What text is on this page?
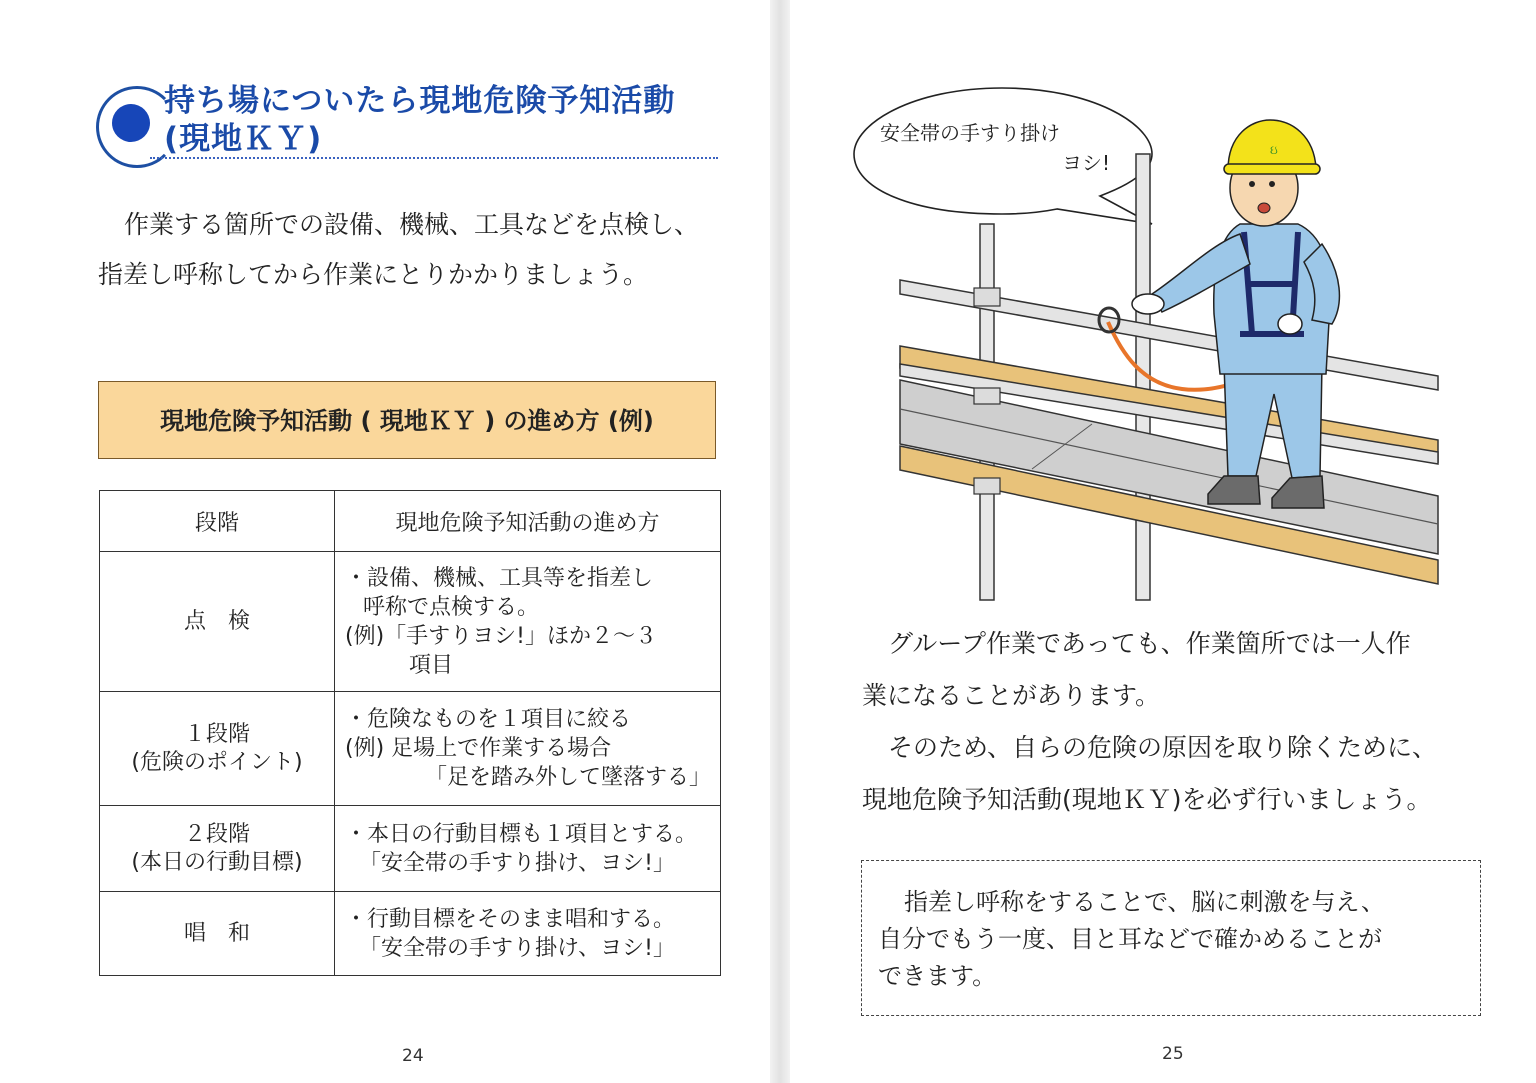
持ち場についたら現地危険予知活動
(現地ＫＹ)
作業する箇所での設備、機械、工具などを点検し、
指差し呼称してから作業にとりかかりましょう。
現地危険予知活動 ( 現地ＫＹ ) の進め方 (例)
段階	現地危険予知活動の進め方
点　検	・設備、機械、工具等を指差し
呼称で点検する。
(例)「手すりヨシ!」ほか２～３
項目

１段階
(危険のポイント)	・危険なものを１項目に絞る
(例) 足場上で作業する場合
「足を踏み外して墜落する」

２段階
(本日の行動目標)	・本日の行動目標も１項目とする。
「安全帯の手すり掛け、ヨシ!」

唱　和	・行動目標をそのまま唱和する。
「安全帯の手すり掛け、ヨシ!」
24
ઇ
安全帯の手すり掛け
ヨシ!
グループ作業であっても、作業箇所では一人作
業になることがあります。
そのため、自らの危険の原因を取り除くために、
現地危険予知活動(現地ＫＹ)を必ず行いましょう。
指差し呼称をすることで、脳に刺激を与え、
自分でもう一度、目と耳などで確かめることが
できます。
25
